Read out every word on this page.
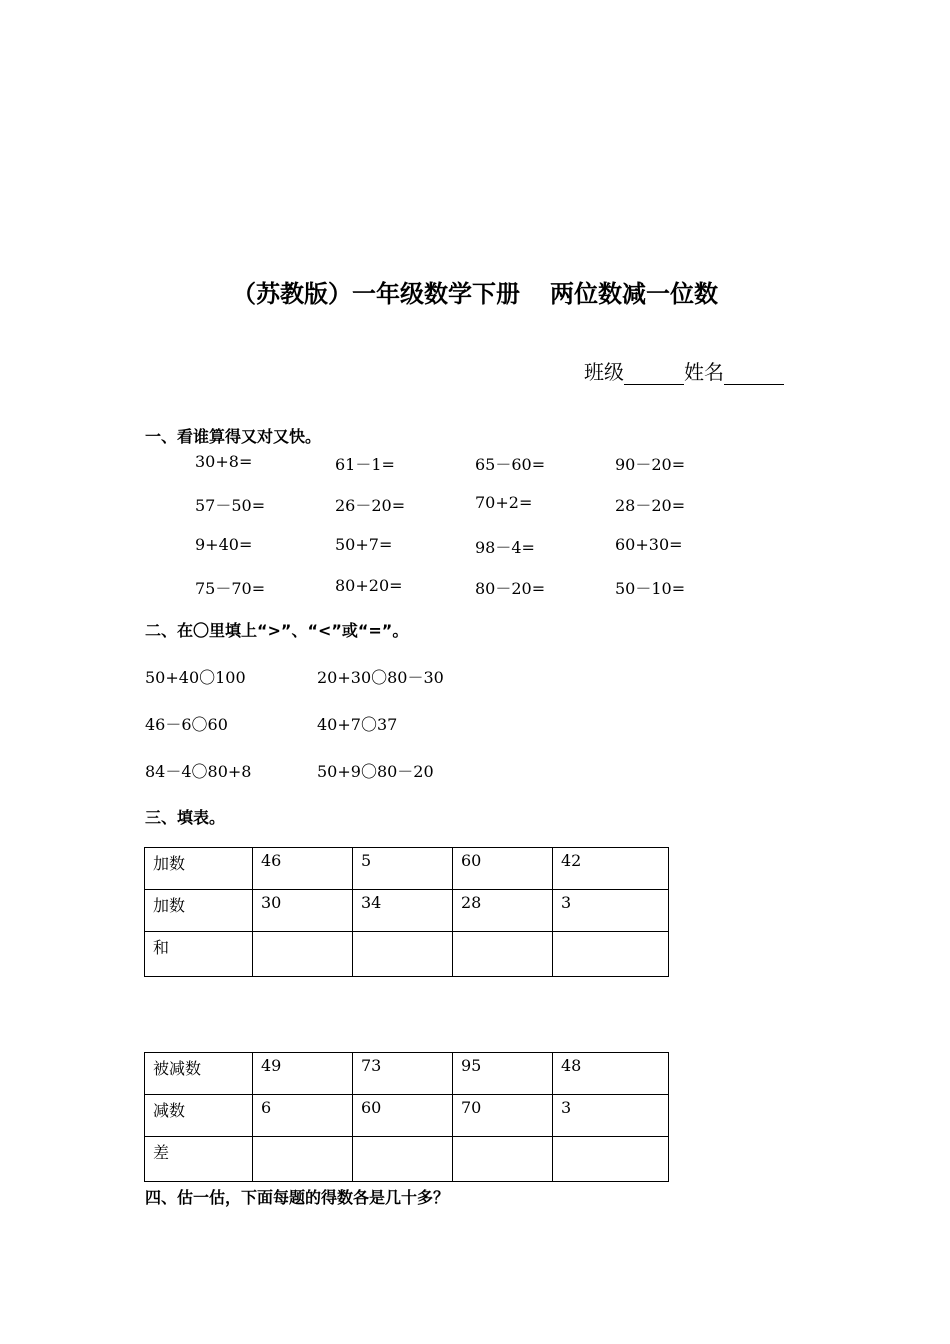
（苏教版）一年级数学下册 两位数减一位数
班级	姓名
一、看谁算得又对又快。
30+8=	61－1=	65－60=	90－20=
57－50=	26－20=	70+2=	28－20=
9+40=	50+7=	98－4=	60+30=
75－70=	80+20=	80－20=	50－10=
二、在〇里填上“>”、“<”或“=”。
50+40〇100	20+30〇80－30
46－6〇60	40+7〇37
84－4〇80+8	50+9〇80－20
三、填表。
加数	46	5	60	42
加数	30	34	28	3
和				
被减数	49	73	95	48
减数	6	60	70	3
差				
四、估一估，下面每题的得数各是几十多？
